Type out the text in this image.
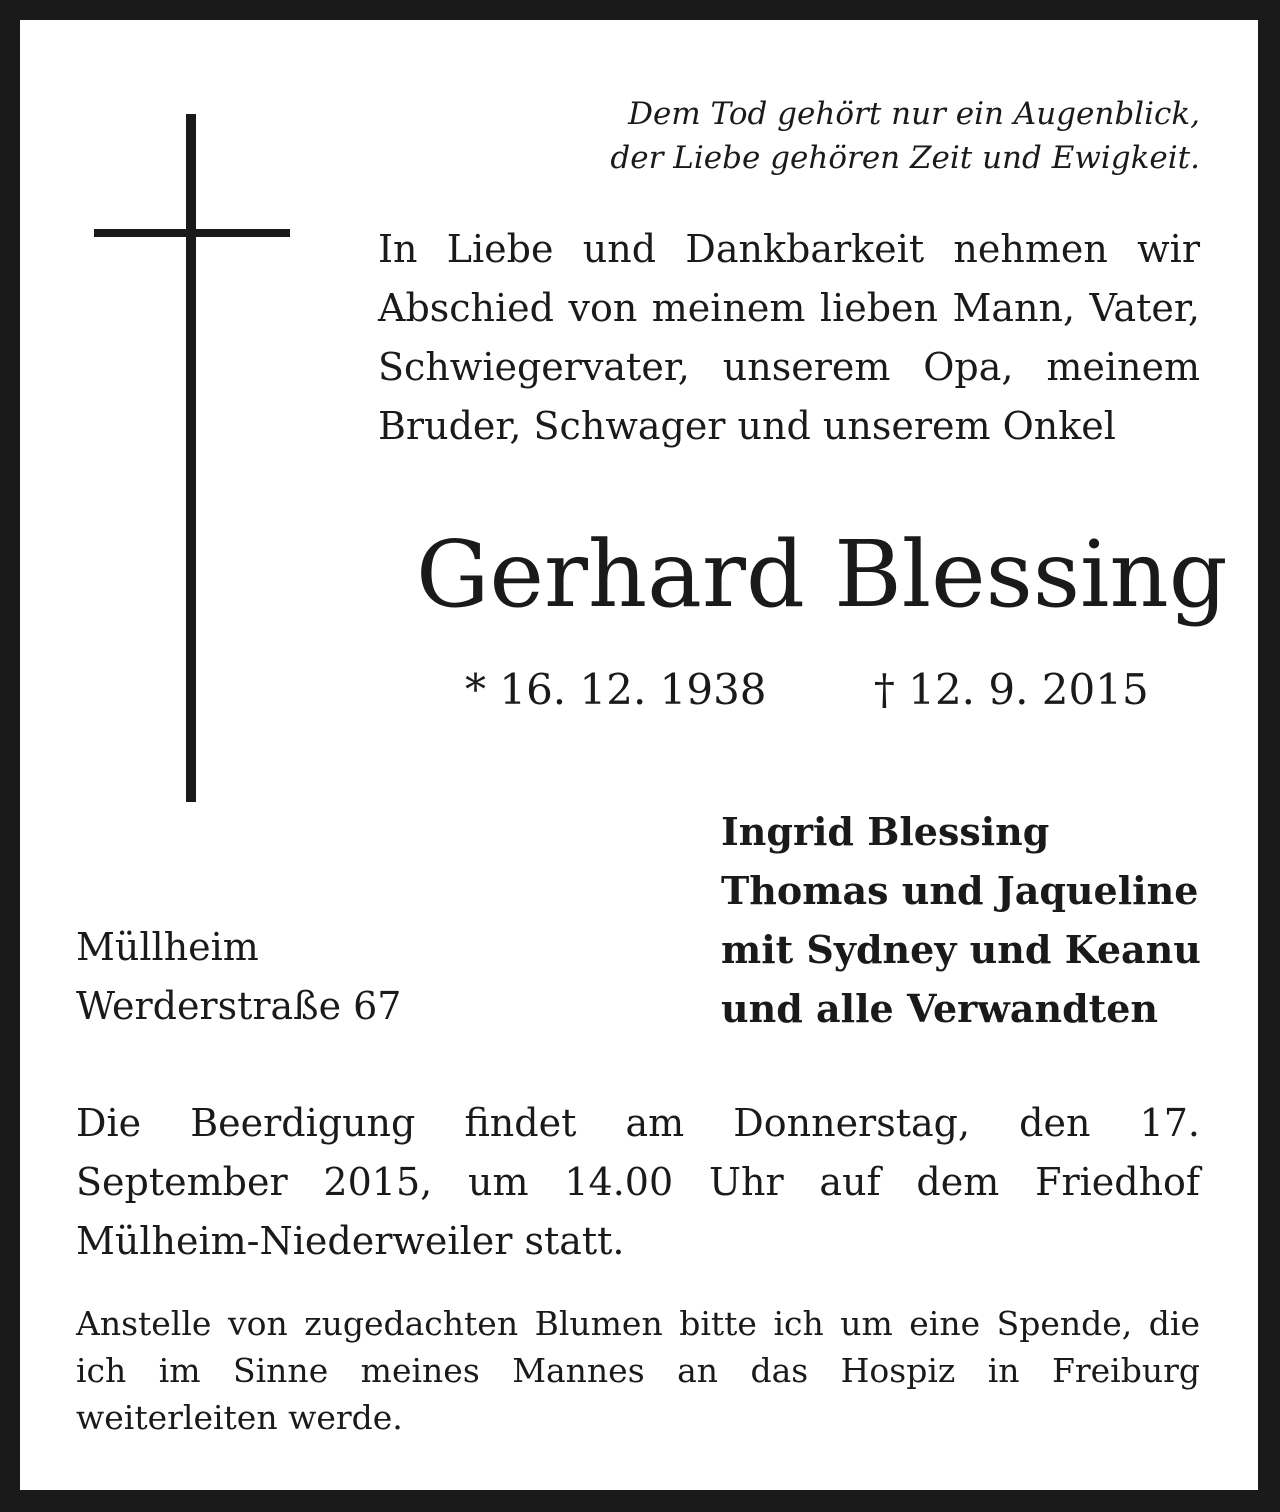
Dem Tod gehört nur ein Augenblick,
der Liebe gehören Zeit und Ewigkeit.
In Liebe und Dankbarkeit nehmen wir Abschied von meinem lieben Mann, Vater, Schwiegervater, unserem Opa, meinem Bruder, Schwager und unserem Onkel
Gerhard Blessing
* 16. 12. 1938	† 12. 9. 2015
Müllheim
Werderstraße 67
Ingrid Blessing
Thomas und Jaqueline
mit Sydney und Keanu
und alle Verwandten
Die Beerdigung findet am Donnerstag, den 17. September 2015, um 14.00 Uhr auf dem Friedhof Mülheim-Niederweiler statt.
Anstelle von zugedachten Blumen bitte ich um eine Spende, die ich im Sinne meines Mannes an das Hospiz in Freiburg weiterleiten werde.
